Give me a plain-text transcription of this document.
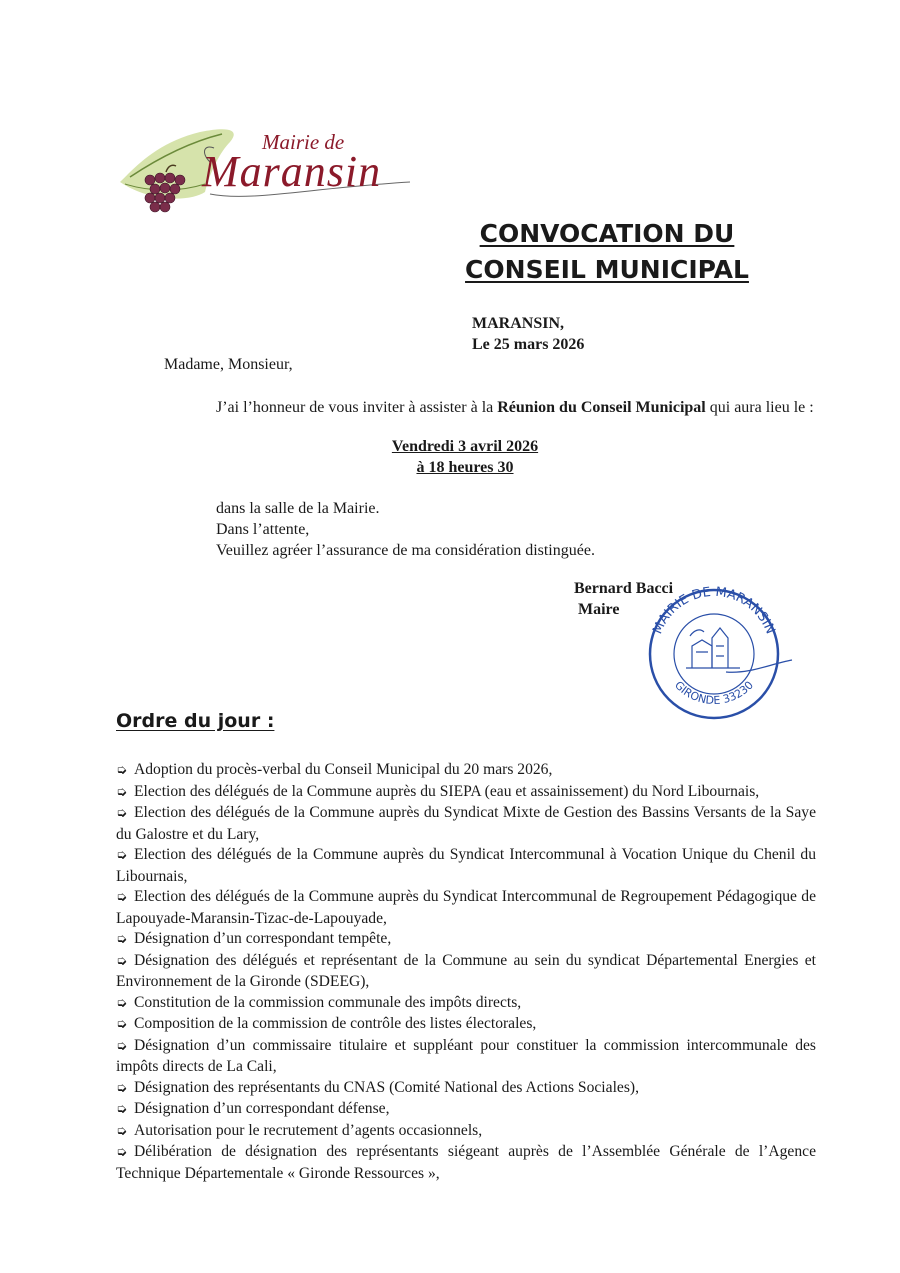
Mairie de
Maransin
CONVOCATION DU
CONSEIL MUNICIPAL
MARANSIN,
Le 25 mars 2026
Madame, Monsieur,
J’ai l’honneur de vous inviter à assister à la Réunion du Conseil Municipal qui aura lieu le :
Vendredi 3 avril 2026
à 18 heures 30
dans la salle de la Mairie.
Dans l’attente,
Veuillez agréer l’assurance de ma considération distinguée.
Bernard Bacci
Maire
MAIRIE DE MARANSIN
GIRONDE 33230
Ordre du jour :
➭ Adoption du procès-verbal du Conseil Municipal du 20 mars 2026,
➭ Election des délégués de la Commune auprès du SIEPA (eau et assainissement) du Nord Libournais,
➭ Election des délégués de la Commune auprès du Syndicat Mixte de Gestion des Bassins Versants de la Saye du Galostre et du Lary,
➭ Election des délégués de la Commune auprès du Syndicat Intercommunal à Vocation Unique du Chenil du Libournais,
➭ Election des délégués de la Commune auprès du Syndicat Intercommunal de Regroupement Pédagogique de Lapouyade-Maransin-Tizac-de-Lapouyade,
➭ Désignation d’un correspondant tempête,
➭ Désignation des délégués et représentant de la Commune au sein du syndicat Départemental Energies et Environnement de la Gironde (SDEEG),
➭ Constitution de la commission communale des impôts directs,
➭ Composition de la commission de contrôle des listes électorales,
➭ Désignation d’un commissaire titulaire et suppléant pour constituer la commission intercommunale des impôts directs de La Cali,
➭ Désignation des représentants du CNAS (Comité National des Actions Sociales),
➭ Désignation d’un correspondant défense,
➭ Autorisation pour le recrutement d’agents occasionnels,
➭ Délibération de désignation des représentants siégeant auprès de l’Assemblée Générale de l’Agence Technique Départementale « Gironde Ressources »,
